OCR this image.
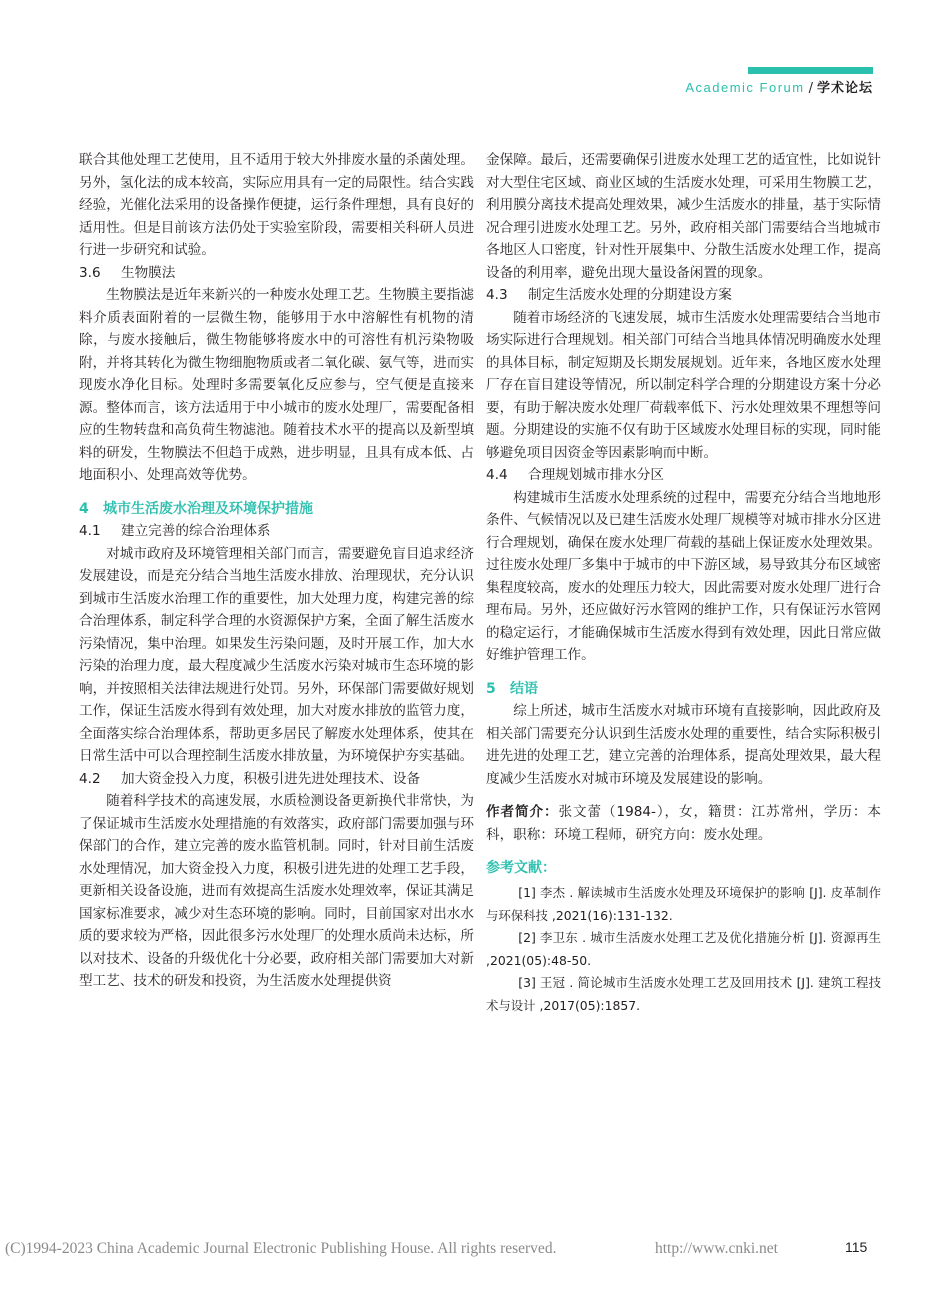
Academic Forum / 学术论坛

联合其他处理工艺使用，且不适用于较大外排废水量的杀菌处理。另外，氢化法的成本较高，实际应用具有一定的局限性。结合实践经验，光催化法采用的设备操作便捷，运行条件理想，具有良好的适用性。但是目前该方法仍处于实验室阶段，需要相关科研人员进行进一步研究和试验。

3.6 生物膜法

生物膜法是近年来新兴的一种废水处理工艺。生物膜主要指滤料介质表面附着的一层微生物，能够用于水中溶解性有机物的清除，与废水接触后，微生物能够将废水中的可溶性有机污染物吸附，并将其转化为微生物细胞物质或者二氧化碳、氨气等，进而实现废水净化目标。处理时多需要氧化反应参与，空气便是直接来源。整体而言，该方法适用于中小城市的废水处理厂，需要配备相应的生物转盘和高负荷生物滤池。随着技术水平的提高以及新型填料的研发，生物膜法不但趋于成熟，进步明显，且具有成本低、占地面积小、处理高效等优势。

4 城市生活废水治理及环境保护措施

4.1 建立完善的综合治理体系

对城市政府及环境管理相关部门而言，需要避免盲目追求经济发展建设，而是充分结合当地生活废水排放、治理现状，充分认识到城市生活废水治理工作的重要性，加大处理力度，构建完善的综合治理体系，制定科学合理的水资源保护方案，全面了解生活废水污染情况，集中治理。如果发生污染问题，及时开展工作，加大水污染的治理力度，最大程度减少生活废水污染对城市生态环境的影响，并按照相关法律法规进行处罚。另外，环保部门需要做好规划工作，保证生活废水得到有效处理，加大对废水排放的监管力度，全面落实综合治理体系，帮助更多居民了解废水处理体系，使其在日常生活中可以合理控制生活废水排放量，为环境保护夯实基础。

4.2 加大资金投入力度，积极引进先进处理技术、设备

随着科学技术的高速发展，水质检测设备更新换代非常快，为了保证城市生活废水处理措施的有效落实，政府部门需要加强与环保部门的合作，建立完善的废水监管机制。同时，针对目前生活废水处理情况，加大资金投入力度，积极引进先进的处理工艺手段，更新相关设备设施，进而有效提高生活废水处理效率，保证其满足国家标准要求，减少对生态环境的影响。同时，目前国家对出水水质的要求较为严格，因此很多污水处理厂的处理水质尚未达标，所以对技术、设备的升级优化十分必要，政府相关部门需要加大对新型工艺、技术的研发和投资，为生活废水处理提供资

金保障。最后，还需要确保引进废水处理工艺的适宜性，比如说针对大型住宅区域、商业区域的生活废水处理，可采用生物膜工艺，利用膜分离技术提高处理效果，减少生活废水的排量，基于实际情况合理引进废水处理工艺。另外，政府相关部门需要结合当地城市各地区人口密度，针对性开展集中、分散生活废水处理工作，提高设备的利用率，避免出现大量设备闲置的现象。

4.3 制定生活废水处理的分期建设方案

随着市场经济的飞速发展，城市生活废水处理需要结合当地市场实际进行合理规划。相关部门可结合当地具体情况明确废水处理的具体目标，制定短期及长期发展规划。近年来，各地区废水处理厂存在盲目建设等情况，所以制定科学合理的分期建设方案十分必要，有助于解决废水处理厂荷载率低下、污水处理效果不理想等问题。分期建设的实施不仅有助于区域废水处理目标的实现，同时能够避免项目因资金等因素影响而中断。

4.4 合理规划城市排水分区

构建城市生活废水处理系统的过程中，需要充分结合当地地形条件、气候情况以及已建生活废水处理厂规模等对城市排水分区进行合理规划，确保在废水处理厂荷载的基础上保证废水处理效果。过往废水处理厂多集中于城市的中下游区域，易导致其分布区域密集程度较高，废水的处理压力较大，因此需要对废水处理厂进行合理布局。另外，还应做好污水管网的维护工作，只有保证污水管网的稳定运行，才能确保城市生活废水得到有效处理，因此日常应做好维护管理工作。

5 结语

综上所述，城市生活废水对城市环境有直接影响，因此政府及相关部门需要充分认识到生活废水处理的重要性，结合实际积极引进先进的处理工艺，建立完善的治理体系，提高处理效果，最大程度减少生活废水对城市环境及发展建设的影响。

作者简介：张文蕾（1984-），女，籍贯：江苏常州，学历：本科，职称：环境工程师，研究方向：废水处理。

参考文献：

[1] 李杰 . 解读城市生活废水处理及环境保护的影响 [J]. 皮革制作与环保科技 ,2021(16):131-132.

[2] 李卫东 . 城市生活废水处理工艺及优化措施分析 [J]. 资源再生 ,2021(05):48-50.

[3] 王冠 . 简论城市生活废水处理工艺及回用技术 [J]. 建筑工程技术与设计 ,2017(05):1857.

(C)1994-2023 China Academic Journal Electronic Publishing House. All rights reserved.	http://www.cnki.net	115
